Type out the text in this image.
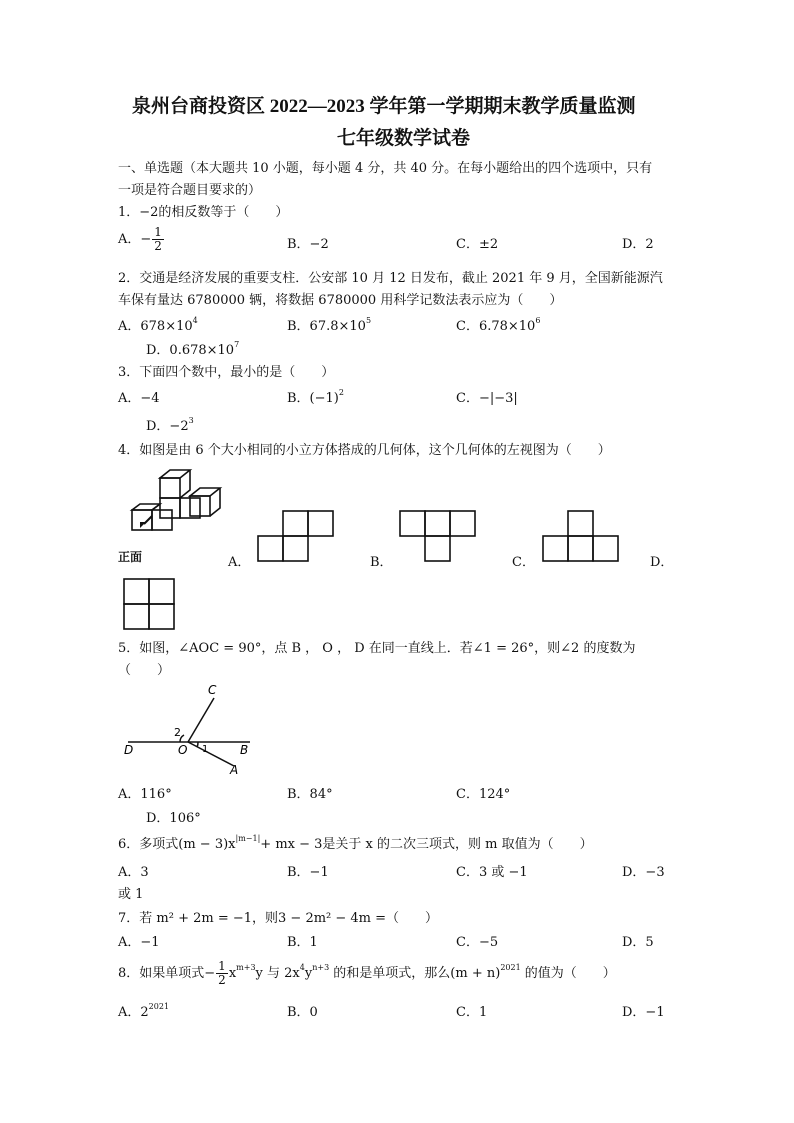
泉州台商投资区 2022—2023 学年第一学期期末教学质量监测
七年级数学试卷
一、单选题（本大题共 10 小题，每小题 4 分，共 40 分。在每小题给出的四个选项中，只有
一项是符合题目要求的）
1．−2的相反数等于（　　）
A．− $\frac{1}{2}$	B．−2	C．±2	D．2
2．交通是经济发展的重要支柱．公安部 10 月 12 日发布，截止 2021 年 9 月，全国新能源汽
车保有量达 6780000 辆，将数据 6780000 用科学记数法表示应为（　　）
A．$678\times 10^4$	B．$67.8\times 10^5$	C．$6.78\times 10^6$
D．$0.678\times 10^7$
3．下面四个数中，最小的是（　　）
A．−4	B．$(-1)^2$	C．−|−3|
D．$-2^3$
4．如图是由 6 个大小相同的小立方体搭成的几何体，这个几何体的左视图为（　　）
正面	A．	B．	C．	D．
5．如图，∠AOC = 90°，点 B ， O ， D 在同一直线上．若∠1 = 26°，则∠2 的度数为
（　　）
C
D	O	B
A
1
2
A．116°	B．84°	C．124°
D．106°
6．多项式$(m - 3)x^{|m-1|}+$ mx − 3是关于 x 的二次三项式，则 m 取值为（　　）
A．3	B．−1	C．3 或 −1	D．−3
或 1
7．若 m² + 2m = −1，则3 − 2m² − 4m =（　　）
A．−1	B．1	C．−5	D．5
8．如果单项式− $\frac{1}{2} x^{m+3}y$ 与 $2x^4y^{n+3}$ 的和是单项式，那么$(m + n)^{2021}$ 的值为（　　）
A．$2^{2021}$	B．0	C．1	D．−1
